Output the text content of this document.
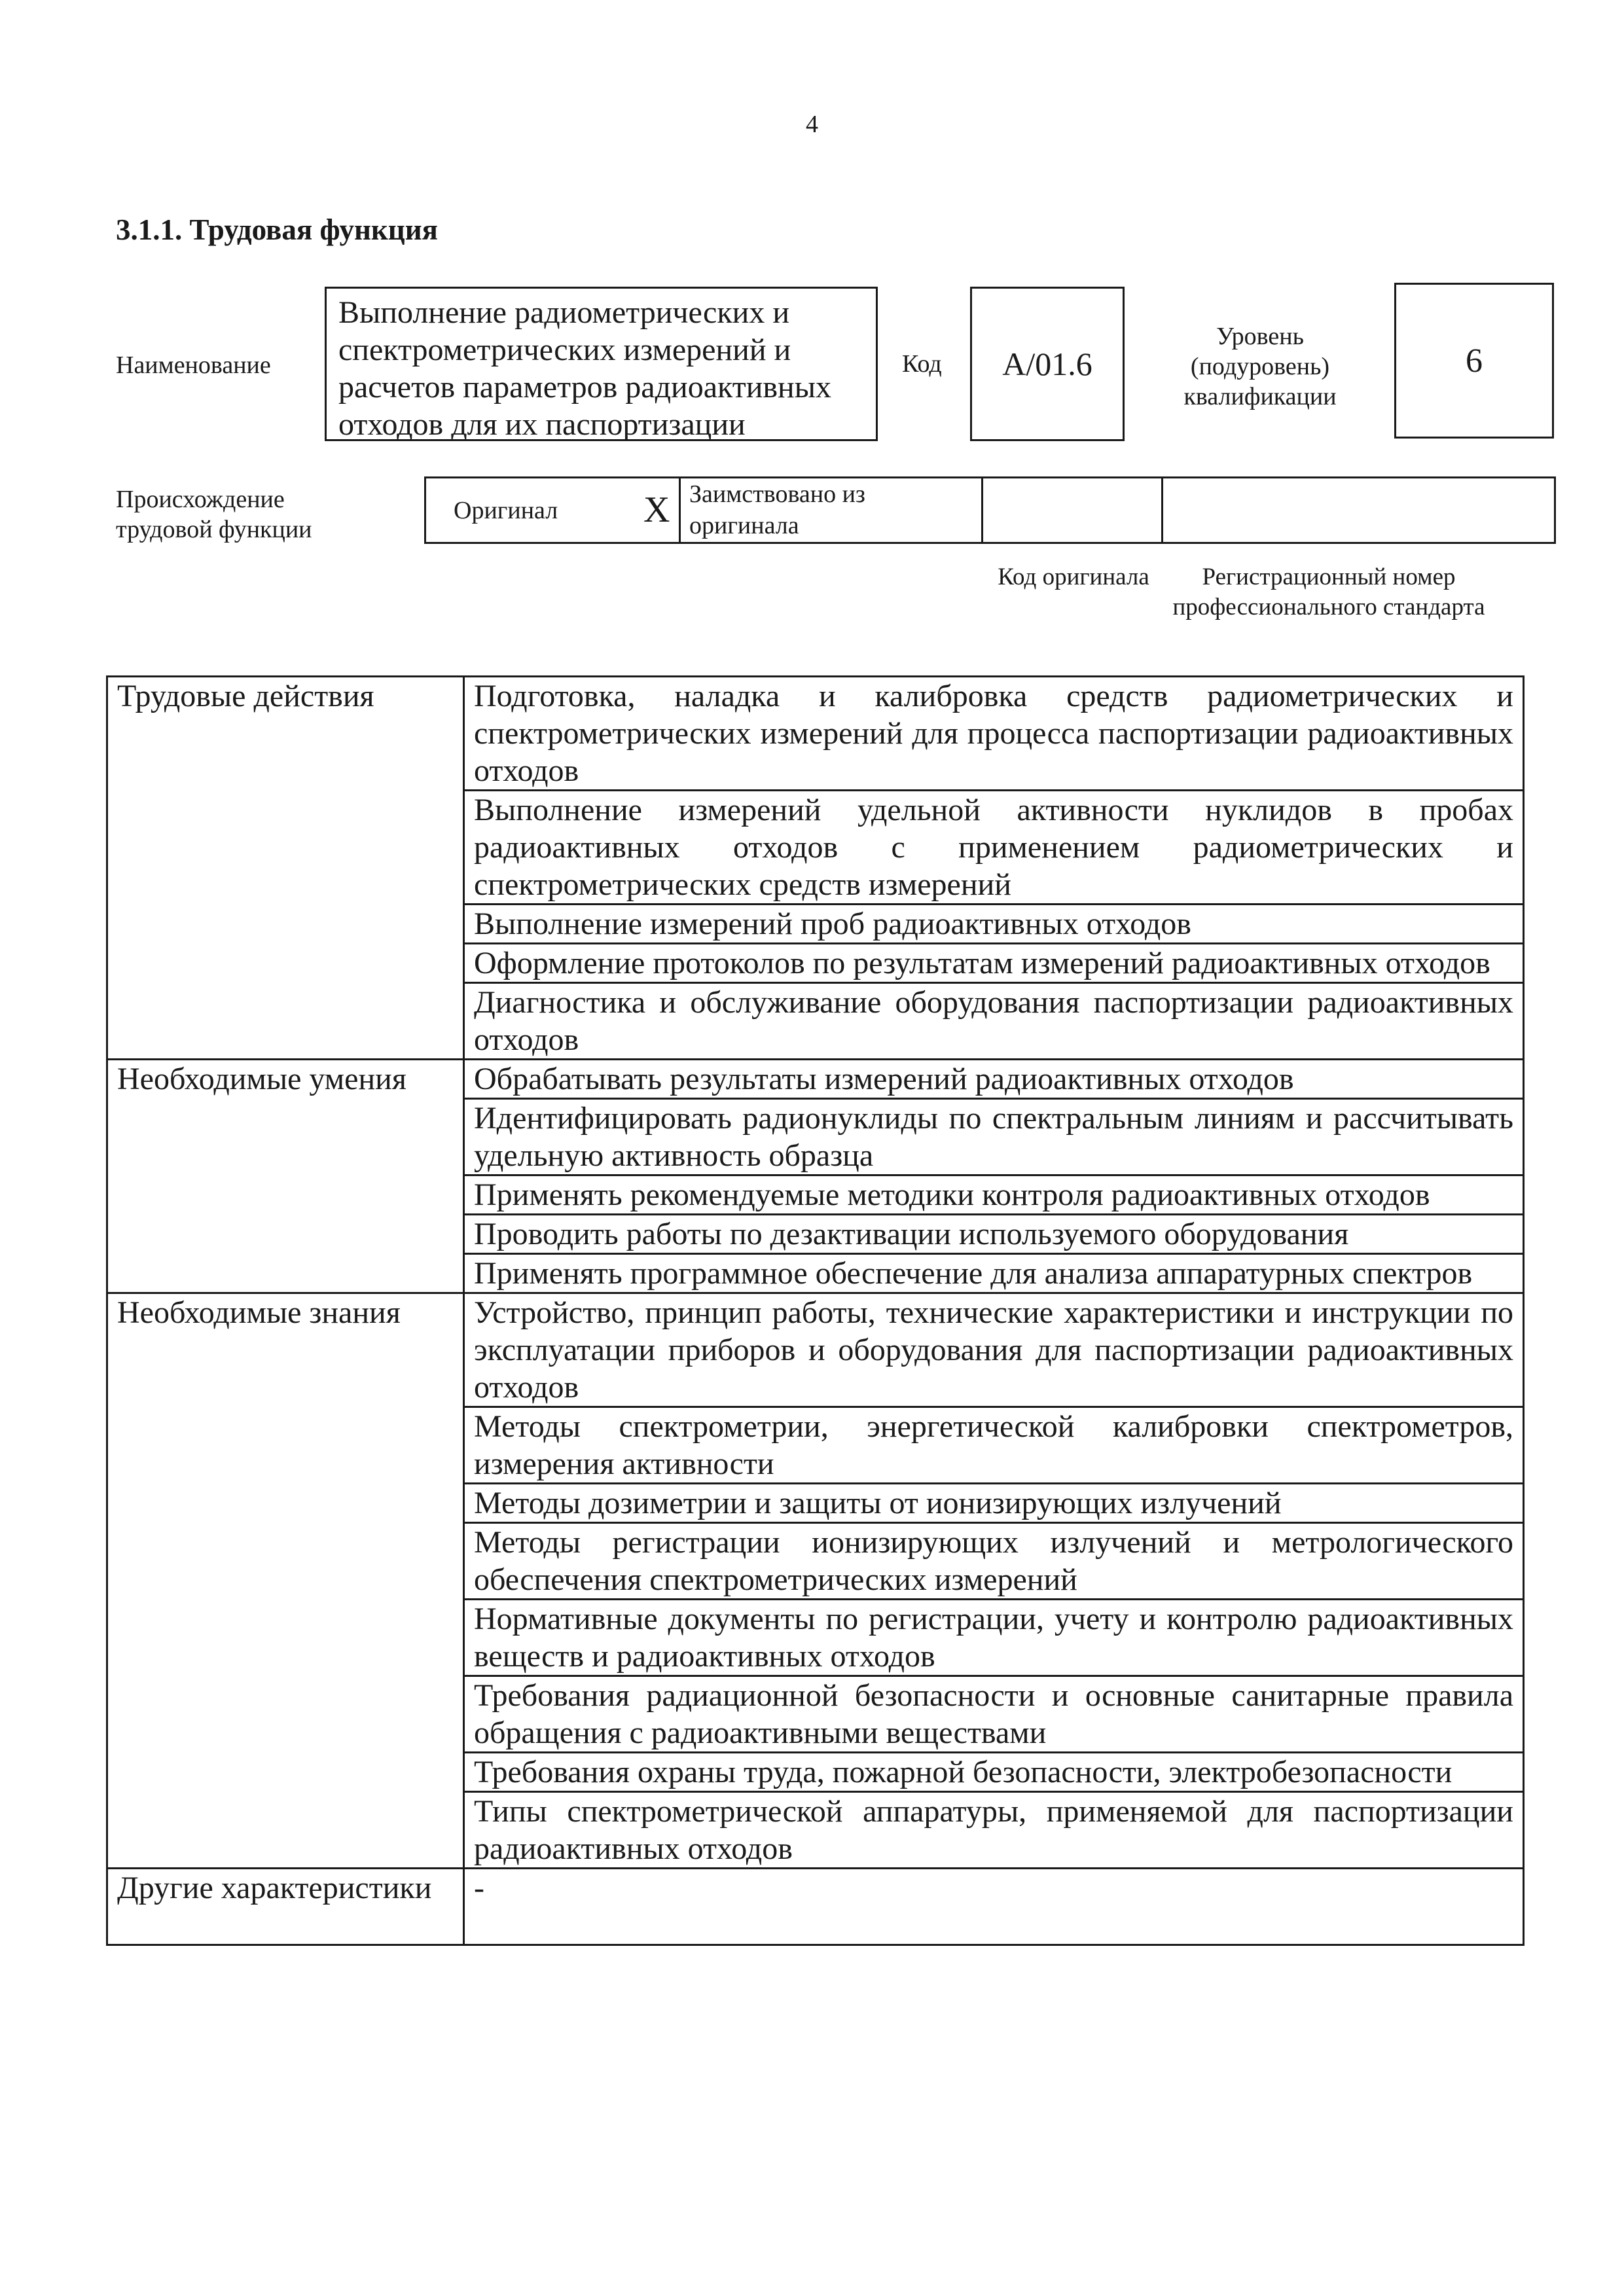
4
3.1.1. Трудовая функция
Наименование
Выполнение радиометрических и спектрометрических измерений и расчетов параметров радиоактивных отходов для их паспортизации
Код	A/01.6
Уровень (подуровень) квалификации
6
Происхождение трудовой функции
Оригинал X Заимствовано из оригинала
Код оригинала	Регистрационный номер профессионального стандарта
Трудовые действия	Подготовка, наладка и калибровка средств радиометрических и спектрометрических измерений для процесса паспортизации радиоактивных отходов
	Выполнение измерений удельной активности нуклидов в пробах радиоактивных отходов с применением радиометрических и спектрометрических средств измерений
	Выполнение измерений проб радиоактивных отходов
	Оформление протоколов по результатам измерений радиоактивных отходов
	Диагностика и обслуживание оборудования паспортизации радиоактивных отходов
Необходимые умения	Обрабатывать результаты измерений радиоактивных отходов
	Идентифицировать радионуклиды по спектральным линиям и рассчитывать удельную активность образца
	Применять рекомендуемые методики контроля радиоактивных отходов
	Проводить работы по дезактивации используемого оборудования
	Применять программное обеспечение для анализа аппаратурных спектров
Необходимые знания	Устройство, принцип работы, технические характеристики и инструкции по эксплуатации приборов и оборудования для паспортизации радиоактивных отходов
	Методы спектрометрии, энергетической калибровки спектрометров, измерения активности
	Методы дозиметрии и защиты от ионизирующих излучений
	Методы регистрации ионизирующих излучений и метрологического обеспечения спектрометрических измерений
	Нормативные документы по регистрации, учету и контролю радиоактивных веществ и радиоактивных отходов
	Требования радиационной безопасности и основные санитарные правила обращения с радиоактивными веществами
	Требования охраны труда, пожарной безопасности, электробезопасности
	Типы спектрометрической аппаратуры, применяемой для паспортизации радиоактивных отходов
Другие характеристики	-
